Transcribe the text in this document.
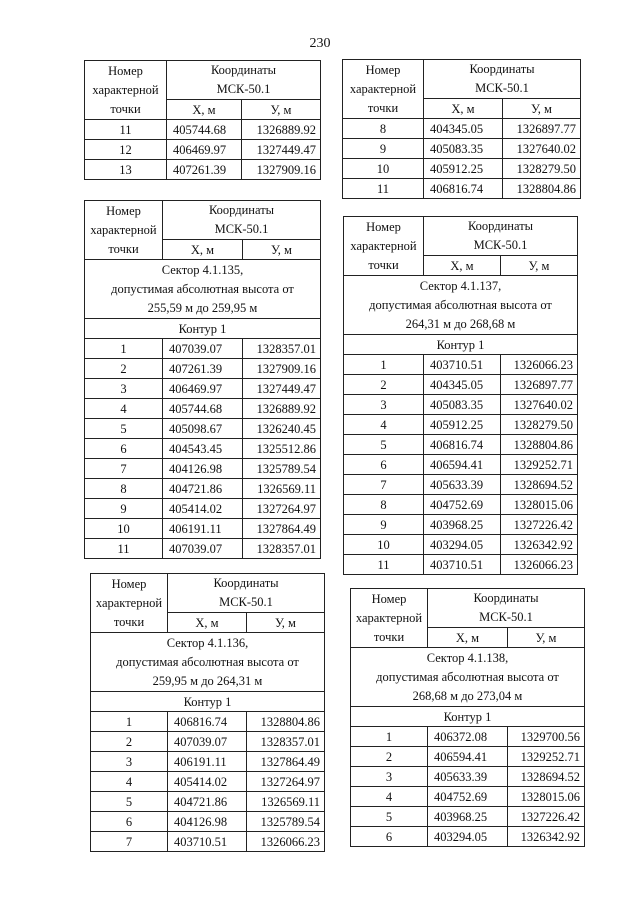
230
Номер
характерной
точки	Координаты
МСК-50.1	

	Х, м	У, м
11	405744.68	1326889.92
12	406469.97	1327449.47
13	407261.39	1327909.16
Номер
характерной
точки	Координаты
МСК-50.1	

	Х, м	У, м
8	404345.05	1326897.77
9	405083.35	1327640.02
10	405912.25	1328279.50
11	406816.74	1328804.86
Номер
характерной
точки	Координаты
МСК-50.1	

	Х, м	У, м

Сектор 4.1.135,
допустимая абсолютная высота от
255,59 м до 259,95 м		

Контур 1		
1	407039.07	1328357.01
2	407261.39	1327909.16
3	406469.97	1327449.47
4	405744.68	1326889.92
5	405098.67	1326240.45
6	404543.45	1325512.86
7	404126.98	1325789.54
8	404721.86	1326569.11
9	405414.02	1327264.97
10	406191.11	1327864.49
11	407039.07	1328357.01
Номер
характерной
точки	Координаты
МСК-50.1	

	Х, м	У, м

Сектор 4.1.137,
допустимая абсолютная высота от
264,31 м до 268,68 м		

Контур 1		
1	403710.51	1326066.23
2	404345.05	1326897.77
3	405083.35	1327640.02
4	405912.25	1328279.50
5	406816.74	1328804.86
6	406594.41	1329252.71
7	405633.39	1328694.52
8	404752.69	1328015.06
9	403968.25	1327226.42
10	403294.05	1326342.92
11	403710.51	1326066.23
Номер
характерной
точки	Координаты
МСК-50.1	

	Х, м	У, м

Сектор 4.1.136,
допустимая абсолютная высота от
259,95 м до 264,31 м		

Контур 1		
1	406816.74	1328804.86
2	407039.07	1328357.01
3	406191.11	1327864.49
4	405414.02	1327264.97
5	404721.86	1326569.11
6	404126.98	1325789.54
7	403710.51	1326066.23
Номер
характерной
точки	Координаты
МСК-50.1	

	Х, м	У, м

Сектор 4.1.138,
допустимая абсолютная высота от
268,68 м до 273,04 м		

Контур 1		
1	406372.08	1329700.56
2	406594.41	1329252.71
3	405633.39	1328694.52
4	404752.69	1328015.06
5	403968.25	1327226.42
6	403294.05	1326342.92
